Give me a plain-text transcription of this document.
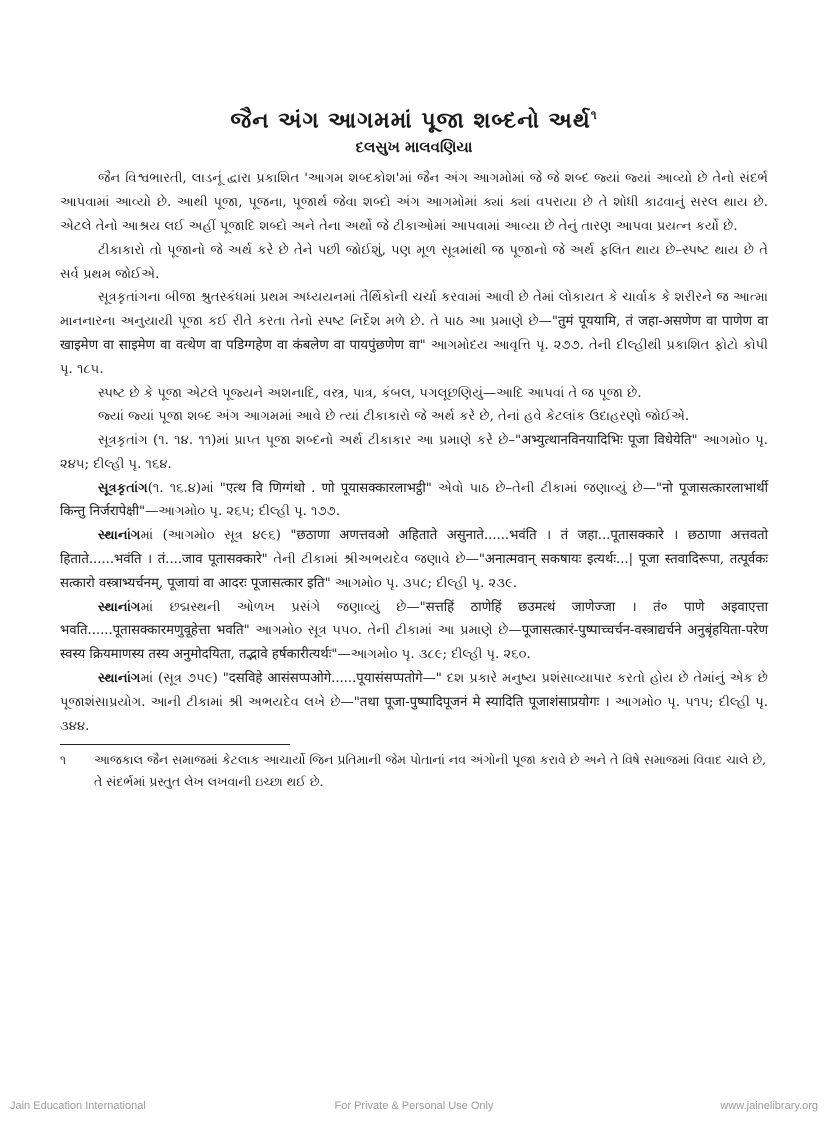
જૈન અંગ આગમમાં પૂજા શબ્દનો અર્થ$^૧$

દલસુખ માલવણિયા

જૈન વિશ્વભારતી, લાડનૂં દ્વારા પ્રકાશિત 'આગમ શબ્દકોશ'માં જૈન અંગ આગમોમાં જે જે શબ્દ જ્યાં જ્યાં આવ્યો છે તેનો સંદર્ભ આપવામાં આવ્યો છે. આથી પૂજા, પૂજના, પૂજાર્થ જેવા શબ્દો અંગ આગમોમાં ક્યાં ક્યાં વપરાયા છે તે શોધી કાઢવાનું સરલ થાય છે. એટલે તેનો આશ્રય લઈ અહીં પૂજાદિ શબ્દો અને તેના અર્થો જે ટીકાઓમાં આપવામાં આવ્યા છે તેનું તારણ આપવા પ્રયત્ન કર્યો છે.

ટીકાકારો તો પૂજાનો જે અર્થ કરે છે તેને પછી જોઈશું, પણ મૂળ સૂત્રમાંથી જ પૂજાનો જે અર્થ ફલિત થાય છે–સ્પષ્ટ થાય છે તે સર્વ પ્રથમ જોઈએ.

સૂત્રકૃતાંગના બીજા શ્રુતસ્કંધમાં પ્રથમ અધ્યયનમાં તૈર્થિકોની ચર્ચા કરવામાં આવી છે તેમાં લોકાયત કે ચાર્વાક કે શરીરને જ આત્મા માનનારના અનુયાયી પૂજા કઈ રીતે કરતા તેનો સ્પષ્ટ નિર્દેશ મળે છે. તે પાઠ આ પ્રમાણે છે—"तुमं पूययामि, तं जहा-असणेण वा पाणेण वा खाइमेण वा साइमेण वा वत्थेण वा पडिग्गहेण वा कंबलेण वा पायपुंछणेण वा" આગમોદય આવૃત્તિ પૃ. ૨૭૭. તેની દીલ્હીથી પ્રકાશિત ફોટો કોપી પૃ. ૧૮૫.

સ્પષ્ટ છે કે પૂજા એટલે પૂજ્યને અશનાદિ, વસ્ત્ર, પાત્ર, કંબલ, પગલૂછણિયું—આદિ આપવાં તે જ પૂજા છે.

જ્યાં જ્યાં પૂજા શબ્દ અંગ આગમમાં આવે છે ત્યાં ટીકાકારો જે અર્થ કરે છે, તેનાં હવે કેટલાંક ઉદાહરણો જોઈએ.

સૂત્રકૃતાંગ (૧. ૧૪. ૧૧)માં પ્રાપ્ત પૂજા શબ્દનો અર્થ ટીકાકાર આ પ્રમાણે કરે છે–"अभ्युत्थानविनयादिभिः पूजा विधेयेति" આગમો૦ પૃ. ૨૪૫; દીલ્હી પૃ. ૧૬૪.

સૂત્રકૃતાંગ(૧. ૧૬.૪)માં "एत्थ वि णिग्गंथो . णो पूयासक्कारलाभट्ठी" એવો પાઠ છે–તેની ટીકામાં જણાવ્યું છે—"नो पूजासत्कारलाभार्थी किन्तु निर्जरापेक्षी"—આગમો૦ પૃ. ૨૬૫; દીલ્હી પૃ. ૧૭૭.

સ્થાનાંગમાં (આગમો૦ સૂત્ર ૪૯૬) "छठाणा अणत्तवओ अहिताते असुनाते......भवंति । तं जहा...पूतासक्कारे । छठाणा अत्तवतो हिताते......भवंति । तं....जाव पूतासक्कारे" તેની ટીકામાં શ્રીઅભયદેવ જણાવે છે—"अनात्मवान् सकषायः इत्यर्थः...| पूजा स्तवादिरूपा, तत्पूर्वकः सत्कारो वस्त्राभ्यर्चनम्, पूजायां वा आदरः पूजासत्कार इति" આગમો૦ પૃ. ૩૫૮; દીલ્હી પૃ. ૨૩૯.

સ્થાનાંગમાં છદ્મસ્થની ઓળખ પ્રસંગે જણાવ્યું છે—"सत्तहिं ठाणेहिं छउमत्थं जाणेज्जा । तं० पाणे अइवाएत्ता भवति......पूतासक्कारमणुवूहेत्ता भवति" આગમો૦ સૂત્ર ૫૫૦. તેની ટીકામાં આ પ્રમાણે છે—पूजासत्कारं-पुष्पाच्चर्चन-वस्त्राद्यर्चने अनुबृंहयिता-परेण स्वस्य क्रियमाणस्य तस्य अनुमोदयिता, तद्भावे हर्षकारीत्यर्थः"—આગમો૦ પૃ. ૩૮૯; દીલ્હી પૃ. ૨૬૦.

સ્થાનાંગમાં (સૂત્ર ૭૫૯) "दसविहे आसंसप्पओगे......पूयासंसप्पतोगे—" દશ પ્રકારે મનુષ્ય પ્રશંસાવ્યાપાર કરતો હોય છે તેમાંનું એક છે પૂજાશંસાપ્રયોગ. આની ટીકામાં શ્રી અભયદેવ લખે છે—"तथा पूजा-पुष्पादिपूजनं मे स्यादिति पूजाशंसाप्रयोगः । આગમો૦ પૃ. ૫૧૫; દીલ્હી પૃ. ૩૪૪.

૧	આજકાલ જૈન સમાજમાં કેટલાક આચાર્યો જિન પ્રતિમાની જેમ પોતાનાં નવ અંગોની પૂજા કરાવે છે અને તે વિષે સમાજમાં વિવાદ ચાલે છે, તે સંદર્ભમાં પ્રસ્તુત લેખ લખવાની ઇચ્છા થઈ છે.
Jain Education International	For Private & Personal Use Only	www.jainelibrary.org
